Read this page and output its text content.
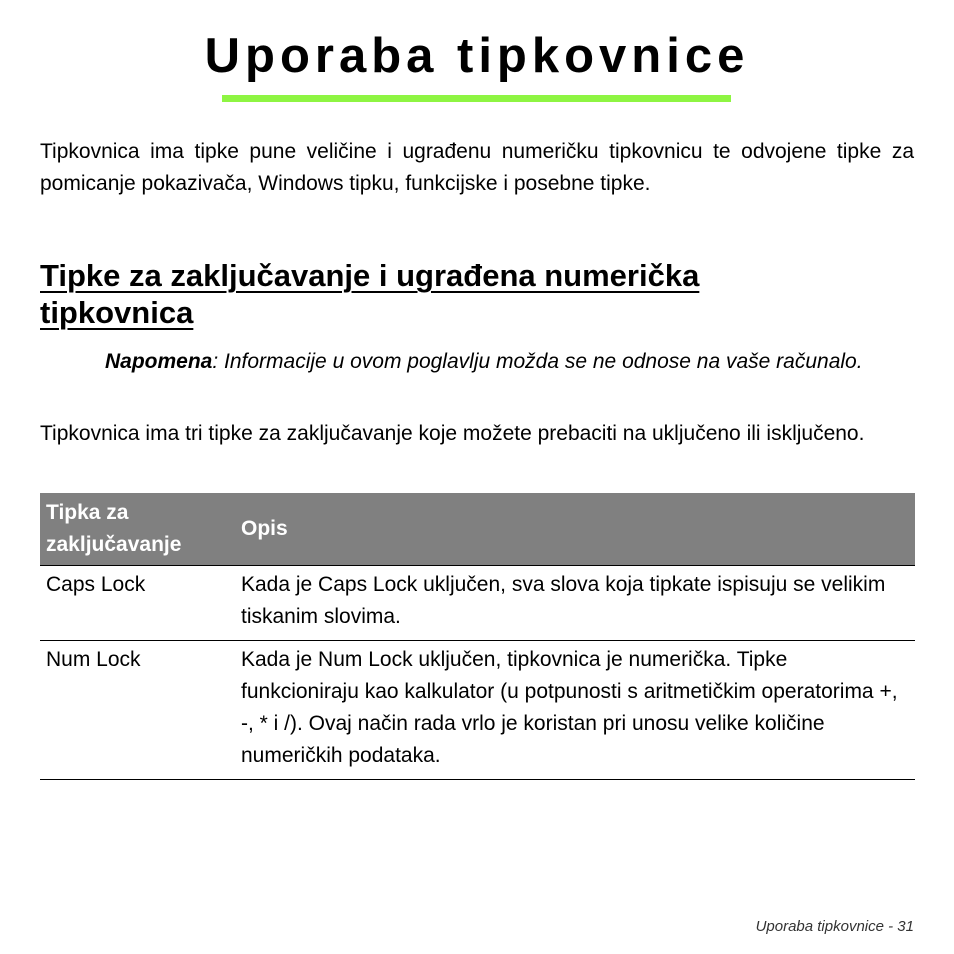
Uporaba tipkovnice

Tipkovnica ima tipke pune veličine i ugrađenu numeričku tipkovnicu te odvojene tipke za pomicanje pokazivača, Windows tipku, funkcijske i posebne tipke.

Tipke za zaključavanje i ugrađena numerička tipkovnica

Napomena: Informacije u ovom poglavlju možda se ne odnose na vaše računalo.

Tipkovnica ima tri tipke za zaključavanje koje možete prebaciti na uključeno ili isključeno.

Tipka za zaključavanje	Opis
Caps Lock	Kada je Caps Lock uključen, sva slova koja tipkate ispisuju se velikim tiskanim slovima.
Num Lock	Kada je Num Lock uključen, tipkovnica je numerička. Tipke funkcioniraju kao kalkulator (u potpunosti s aritmetičkim operatorima +, -, * i /). Ovaj način rada vrlo je koristan pri unosu velike količine numeričkih podataka.
Uporaba tipkovnice - 31
